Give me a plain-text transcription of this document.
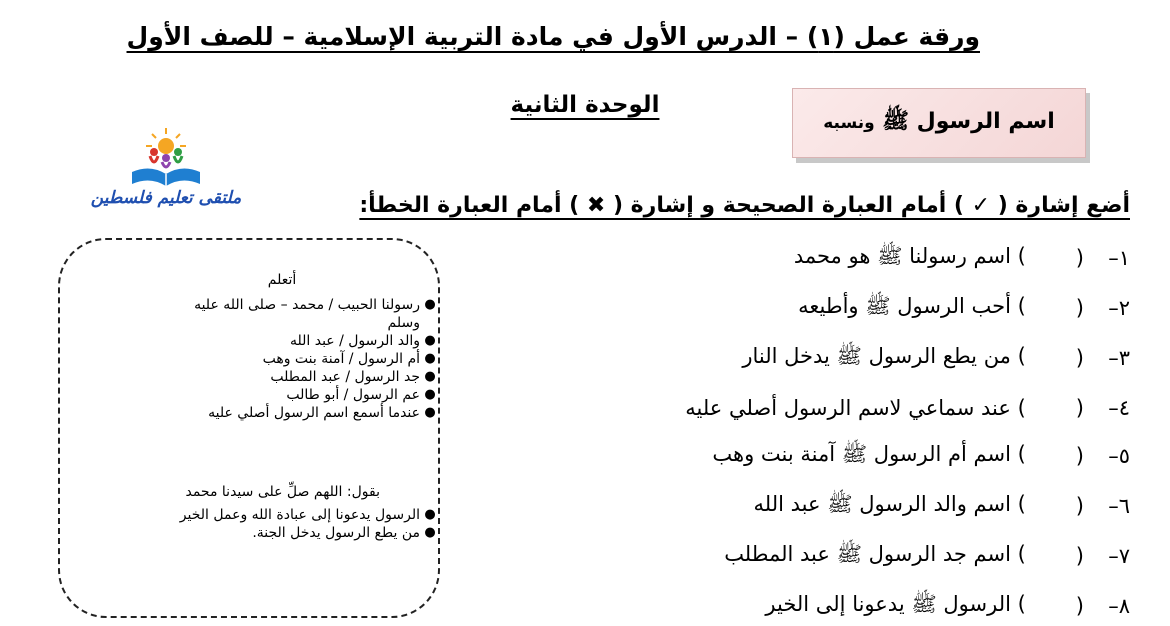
ورقة عمل (١) – الدرس الأول في مادة التربية الإسلامية – للصف الأول
الوحدة الثانية
اسم الرسول ﷺ ونسبه
ملتقى تعليم فلسطين	أضع إشارة ( ✓ ) أمام العبارة الصحيحة و إشارة ( ✖ ) أمام العبارة الخطأ:
أتعلم
●
رسولنا الحبيب / محمد – صلى الله عليه وسلم
●
والد الرسول / عبد الله
●
أم الرسول / آمنة بنت وهب
●
جد الرسول / عبد المطلب
●
عم الرسول / أبو طالب
●
عندما أسمع اسم الرسول أصلي عليه
بقول: اللهم صلِّ على سيدنا محمد
●
الرسول يدعونا إلى عبادة الله وعمل الخير
●
من يطع الرسول يدخل الجنة.
١–
(
) اسم رسولنا ﷺ هو محمد
٢–
(
) أحب الرسول ﷺ وأطيعه
٣–
(
) من يطع الرسول ﷺ يدخل النار
٤–
(
) عند سماعي لاسم الرسول أصلي عليه
٥–
(
) اسم أم الرسول ﷺ آمنة بنت وهب
٦–
(
) اسم والد الرسول ﷺ عبد الله
٧–
(
) اسم جد الرسول ﷺ عبد المطلب
٨–
(
) الرسول ﷺ يدعونا إلى الخير
